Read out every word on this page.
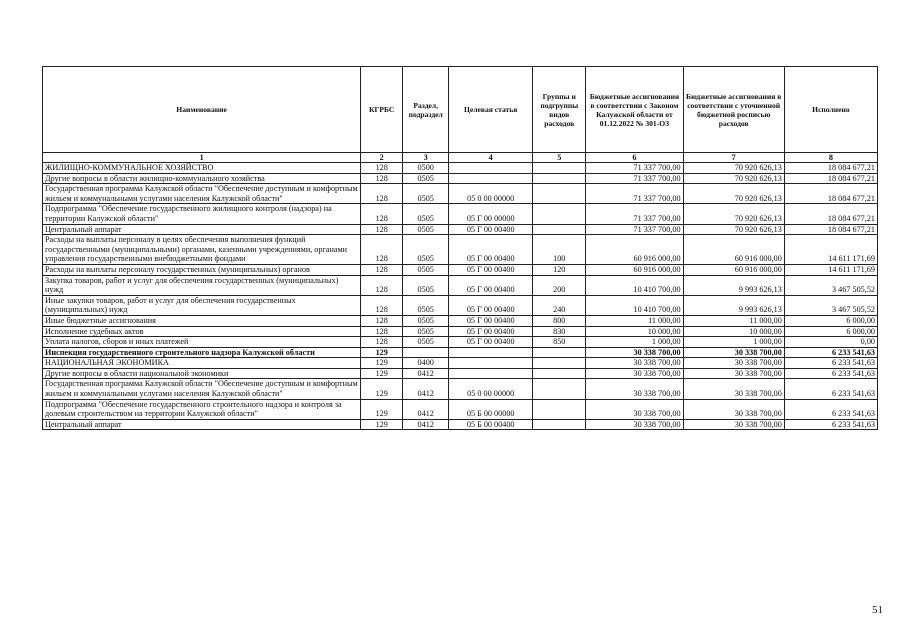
Наименование	КГРБС	Раздел, подраздел	Целевая статья	Группы и подгруппы видов расходов	Бюджетные ассигнования в соответствии с Законом Калужской области от 01.12.2022 № 301-ОЗ	Бюджетные ассигнования в соответствии с уточненной бюджетной росписью расходов	Исполнено
1	2	3	4	5	6	7	8
ЖИЛИЩНО-КОММУНАЛЬНОЕ ХОЗЯЙСТВО	128	0500			71 337 700,00	70 920 626,13	18 084 677,21
Другие вопросы в области жилищно-коммунального хозяйства	128	0505			71 337 700,00	70 920 626,13	18 084 677,21
Государственная программа Калужской области "Обеспечение доступным и комфортным жильем и коммунальными услугами населения Калужской области"	128	0505	05 0 00 00000		71 337 700,00	70 920 626,13	18 084 677,21
Подпрограмма "Обеспечение государственного жилищного контроля (надзора) на территории Калужской области"	128	0505	05 Г 00 00000		71 337 700,00	70 920 626,13	18 084 677,21
Центральный аппарат	128	0505	05 Г 00 00400		71 337 700,00	70 920 626,13	18 084 677,21
Расходы на выплаты персоналу в целях обеспечения выполнения функций государственными (муниципальными) органами, казенными учреждениями, органами управления государственными внебюджетными фондами	128	0505	05 Г 00 00400	100	60 916 000,00	60 916 000,00	14 611 171,69
Расходы на выплаты персоналу государственных (муниципальных) органов	128	0505	05 Г 00 00400	120	60 916 000,00	60 916 000,00	14 611 171,69
Закупка товаров, работ и услуг для обеспечения государственных (муниципальных) нужд	128	0505	05 Г 00 00400	200	10 410 700,00	9 993 626,13	3 467 505,52
Иные закупки товаров, работ и услуг для обеспечения государственных (муниципальных) нужд	128	0505	05 Г 00 00400	240	10 410 700,00	9 993 626,13	3 467 505,52
Иные бюджетные ассигнования	128	0505	05 Г 00 00400	800	11 000,00	11 000,00	6 000,00
Исполнение судебных актов	128	0505	05 Г 00 00400	830	10 000,00	10 000,00	6 000,00
Уплата налогов, сборов и иных платежей	128	0505	05 Г 00 00400	850	1 000,00	1 000,00	0,00
Инспекция государственного строительного надзора Калужской области	129				30 338 700,00	30 338 700,00	6 233 541,63
НАЦИОНАЛЬНАЯ ЭКОНОМИКА	129	0400			30 338 700,00	30 338 700,00	6 233 541,63
Другие вопросы в области национальной экономики	129	0412			30 338 700,00	30 338 700,00	6 233 541,63
Государственная программа Калужской области "Обеспечение доступным и комфортным жильем и коммунальными услугами населения Калужской области"	129	0412	05 0 00 00000		30 338 700,00	30 338 700,00	6 233 541,63
Подпрограмма "Обеспечение государственного строительного надзора и контроля за долевым строительством на территории Калужской области"	129	0412	05 Б 00 00000		30 338 700,00	30 338 700,00	6 233 541,63
Центральный аппарат	129	0412	05 Б 00 00400		30 338 700,00	30 338 700,00	6 233 541,63
51
